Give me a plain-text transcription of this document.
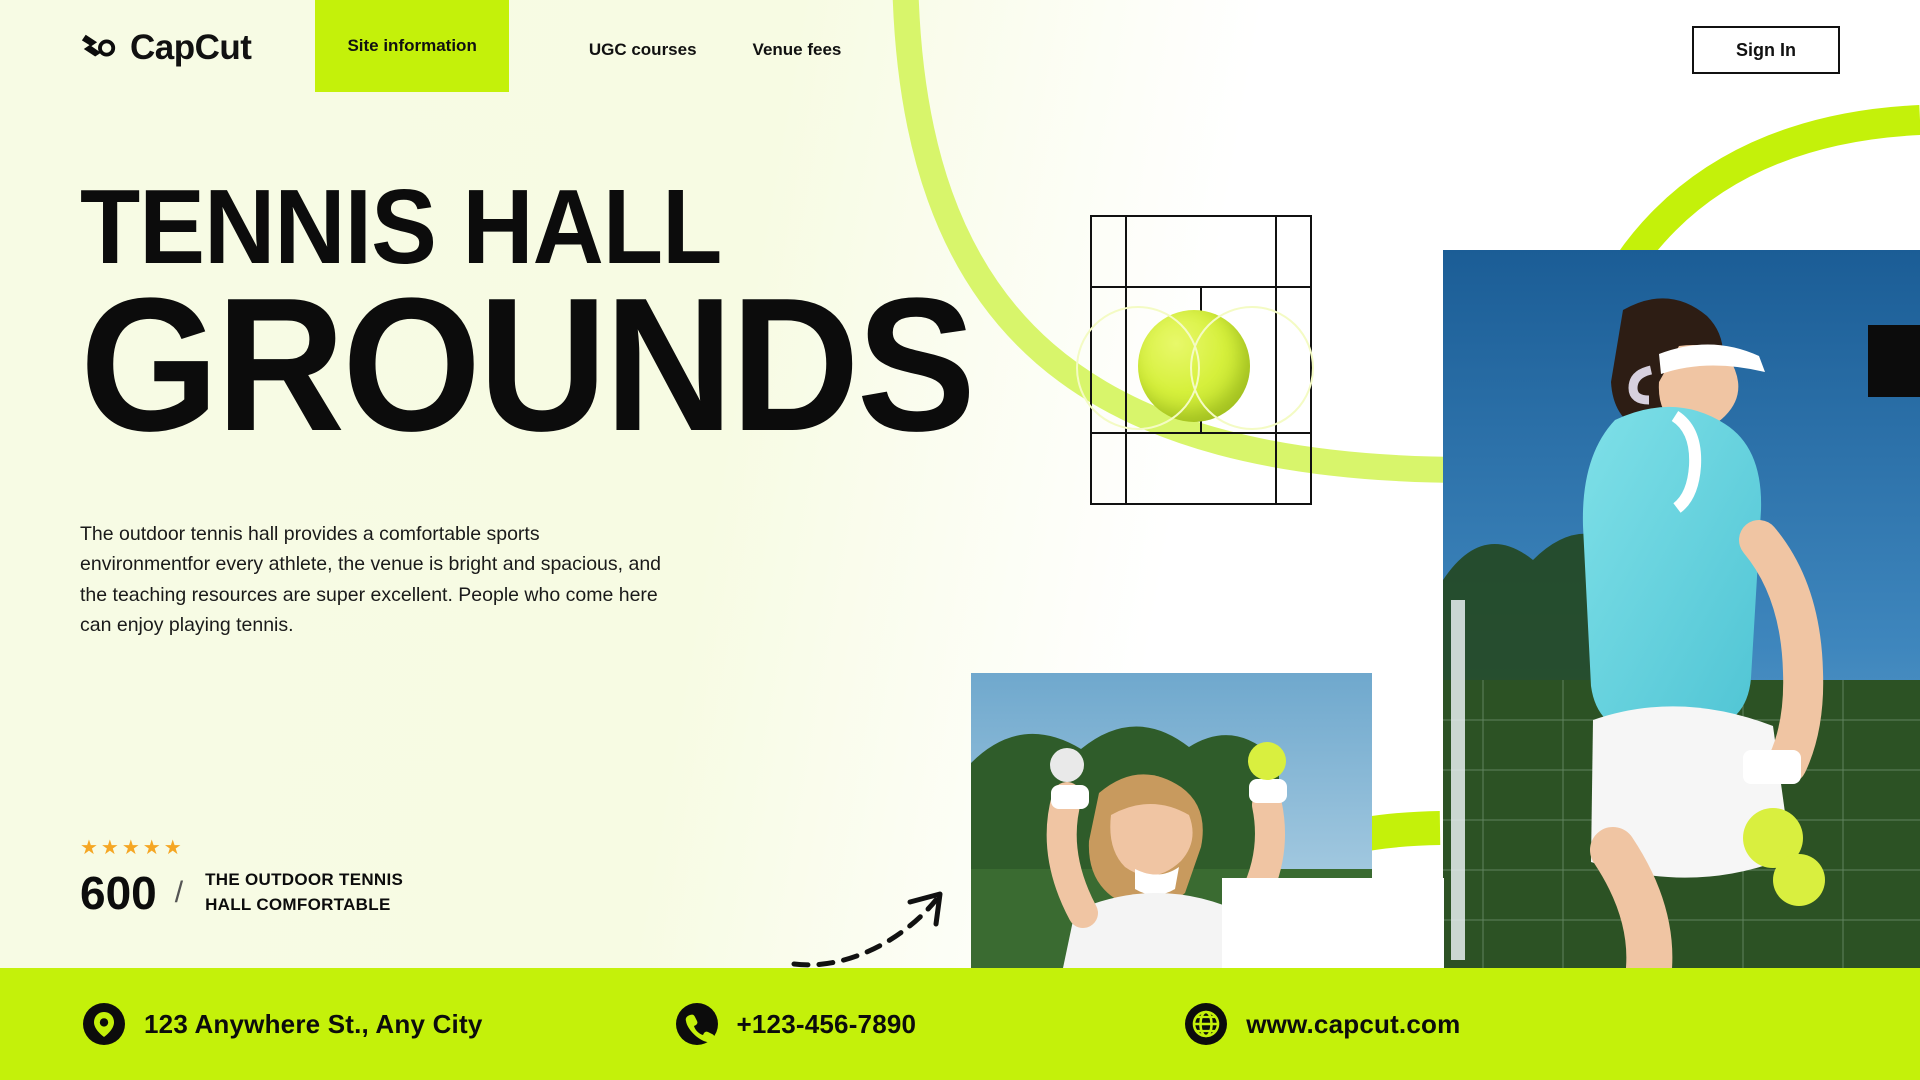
CapCut	Site information	UGC courses	Venue fees	Sign In
TENNIS HALL
GROUNDS

The outdoor tennis hall provides a comfortable sports environmentfor every athlete, the venue is bright and spacious, and the teaching resources are super excellent. People who come here can enjoy playing tennis.

★★★★★
600 / THE OUTDOOR TENNIS
HALL COMFORTABLE
123 Anywhere St., Any City	+123-456-7890	www.capcut.com
